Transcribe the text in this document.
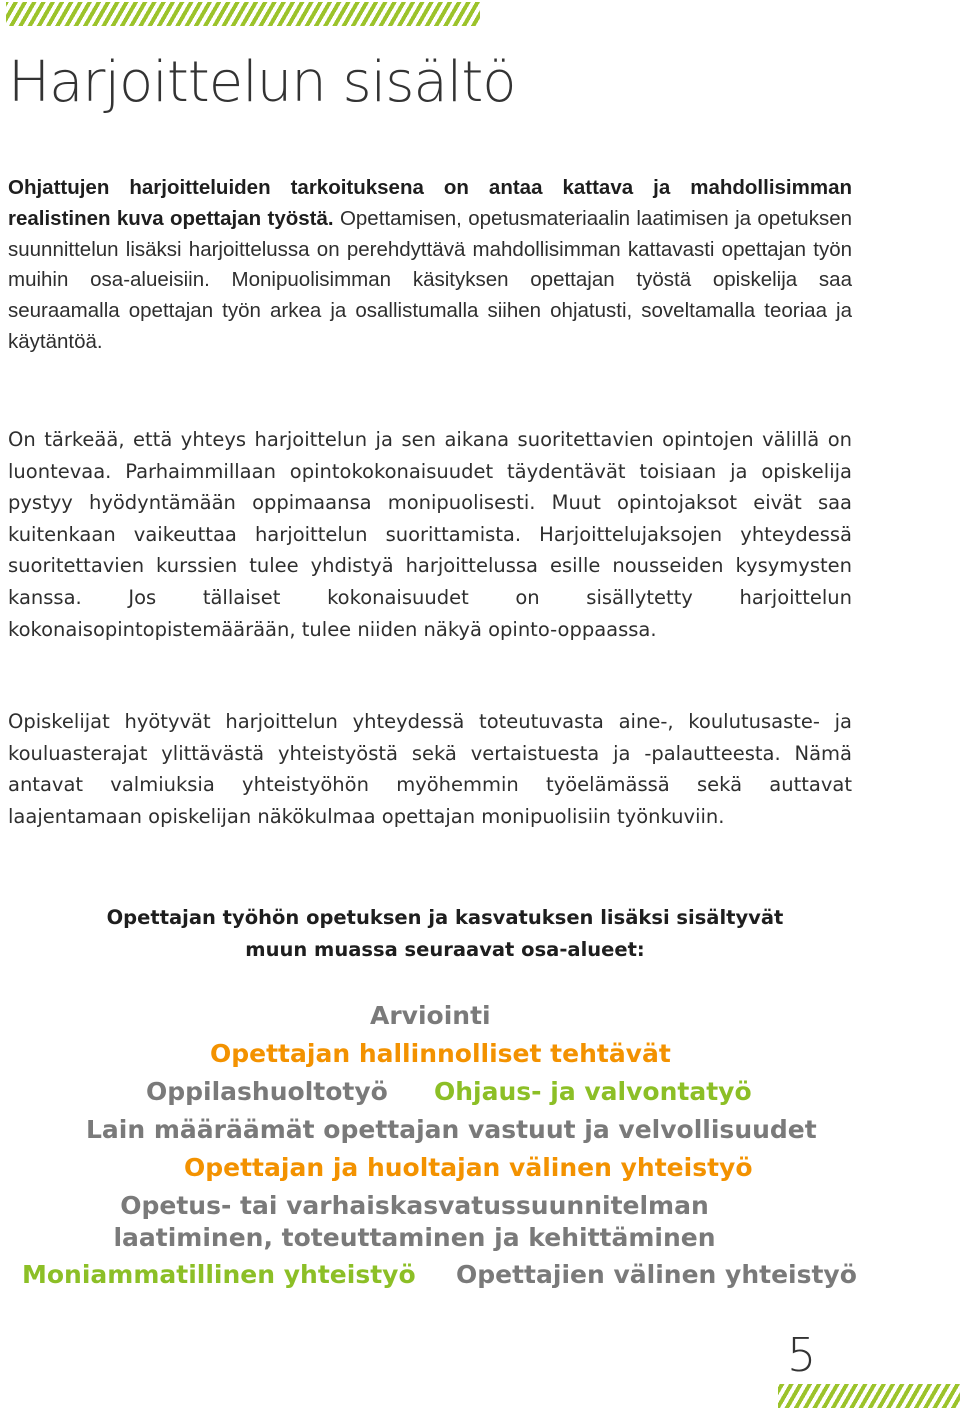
Harjoittelun sisältö

Ohjattujen harjoitteluiden tarkoituksena on antaa kattava ja mahdollisimman realistinen kuva opettajan työstä. Opettamisen, opetusmateriaalin laatimisen ja opetuksen suunnittelun lisäksi harjoittelussa on perehdyttävä mahdollisimman kattavasti opettajan työn muihin osa-alueisiin. Monipuolisimman käsityksen opettajan työstä opiskelija saa seuraamalla opettajan työn arkea ja osallistumalla siihen ohjatusti, soveltamalla teoriaa ja käytäntöä.

On tärkeää, että yhteys harjoittelun ja sen aikana suoritettavien opintojen välillä on luontevaa. Parhaimmillaan opintokokonaisuudet täydentävät toisiaan ja opiskelija pystyy hyödyntämään oppimaansa monipuolisesti. Muut opintojaksot eivät saa kuitenkaan vaikeuttaa harjoittelun suorittamista. Harjoittelujaksojen yhteydessä suoritettavien kurssien tulee yhdistyä harjoittelussa esille nousseiden kysymysten kanssa. Jos tällaiset kokonaisuudet on sisällytetty harjoittelun kokonaisopintopistemäärään, tulee niiden näkyä opinto-oppaassa.

Opiskelijat hyötyvät harjoittelun yhteydessä toteutuvasta aine-, koulutusaste- ja kouluasterajat ylittävästä yhteistyöstä sekä vertaistuesta ja -palautteesta. Nämä antavat valmiuksia yhteistyöhön myöhemmin työelämässä sekä auttavat laajentamaan opiskelijan näkökulmaa opettajan monipuolisiin työnkuviin.

Opettajan työhön opetuksen ja kasvatuksen lisäksi sisältyvät
muun muassa seuraavat osa-alueet:
Arviointi
Opettajan hallinnolliset tehtävät
Oppilashuoltotyö Ohjaus- ja valvontatyö
Lain määräämät opettajan vastuut ja velvollisuudet
Opettajan ja huoltajan välinen yhteistyö
Opetus- tai varhaiskasvatussuunnitelman
laatiminen, toteuttaminen ja kehittäminen
Moniammatillinen yhteistyö Opettajien välinen yhteistyö

5
